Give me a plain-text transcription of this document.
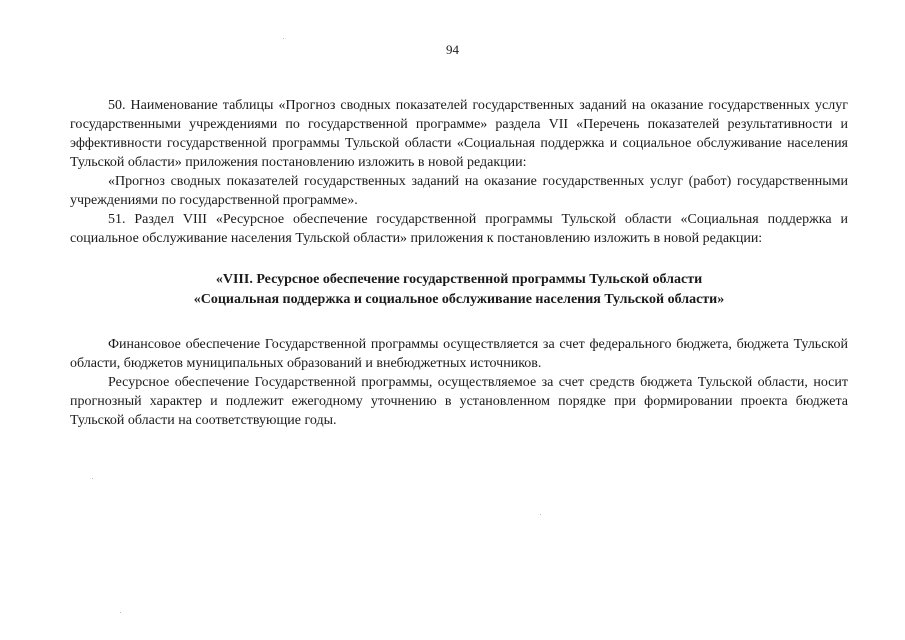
94

50. Наименование таблицы «Прогноз сводных показателей государственных заданий на оказание государственных услуг государственными учреждениями по государственной программе» раздела VII «Перечень показателей результативности и эффективности государственной программы Тульской области «Социальная поддержка и социальное обслуживание населения Тульской области» приложения постановлению изложить в новой редакции:

«Прогноз сводных показателей государственных заданий на оказание государственных услуг (работ) государственными учреждениями по государственной программе».

51. Раздел VIII «Ресурсное обеспечение государственной программы Тульской области «Социальная поддержка и социальное обслуживание населения Тульской области» приложения к постановлению изложить в новой редакции:

«VIII. Ресурсное обеспечение государственной программы Тульской области
«Социальная поддержка и социальное обслуживание населения Тульской области»

Финансовое обеспечение Государственной программы осуществляется за счет федерального бюджета, бюджета Тульской области, бюджетов муниципальных образований и внебюджетных источников.

Ресурсное обеспечение Государственной программы, осуществляемое за счет средств бюджета Тульской области, носит прогнозный характер и подлежит ежегодному уточнению в установленном порядке при формировании проекта бюджета Тульской области на соответствующие годы.
